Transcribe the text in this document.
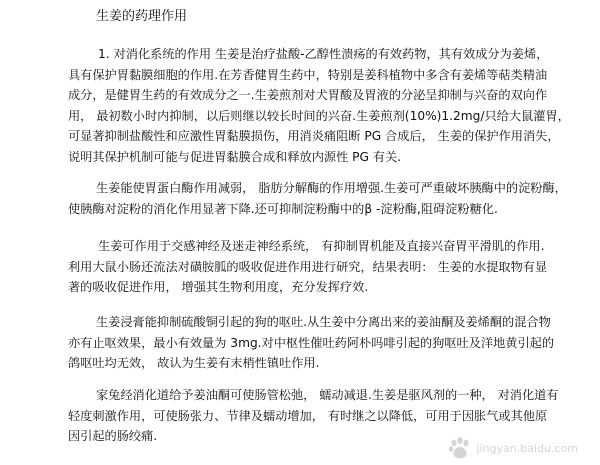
生姜的药理作用
1. 对消化系统的作用 生姜是治疗盐酸-乙醇性溃疡的有效药物，其有效成分为姜烯，
具有保护胃黏膜细胞的作用.在芳香健胃生药中，特别是姜科植物中多含有姜烯等萜类精油
成分，是健胃生药的有效成分之一.生姜煎剂对犬胃酸及胃液的分泌呈抑制与兴奋的双向作
用， 最初数小时内抑制，以后则继以较长时间的兴奋.生姜煎剂(10%)1.2mg/只给大鼠灌胃，
可显著抑制盐酸性和应激性胃黏膜损伤，用消炎痛阻断 PG 合成后， 生姜的保护作用消失，
说明其保护机制可能与促进胃黏膜合成和释放内源性 PG 有关.
生姜能使胃蛋白酶作用减弱， 脂肪分解酶的作用增强.生姜可严重破坏胰酶中的淀粉酶，
使胰酶对淀粉的消化作用显著下降.还可抑制淀粉酶中的β -淀粉酶,阻碍淀粉糖化.
生姜可作用于交感神经及迷走神经系统， 有抑制胃机能及直接兴奋胃平滑肌的作用.
利用大鼠小肠还流法对磺胺胍的吸收促进作用进行研究，结果表明： 生姜的水提取物有显
著的吸收促进作用， 增强其生物利用度，充分发挥疗效.
生姜浸膏能抑制硫酸铜引起的狗的呕吐.从生姜中分离出来的姜油酮及姜烯酮的混合物
亦有止呕效果，最小有效量为 3mg.对中枢性催吐药阿朴吗啡引起的狗呕吐及洋地黄引起的
鸽呕吐均无效， 故认为生姜有末梢性镇吐作用.
家兔经消化道给予姜油酮可使肠管松弛， 蠕动减退.生姜是驱风剂的一种， 对消化道有
轻度刺激作用，可使肠张力、节律及蠕动增加， 有时继之以降低，可用于因胀气或其他原
因引起的肠绞痛.
jingyan.baidu.com
